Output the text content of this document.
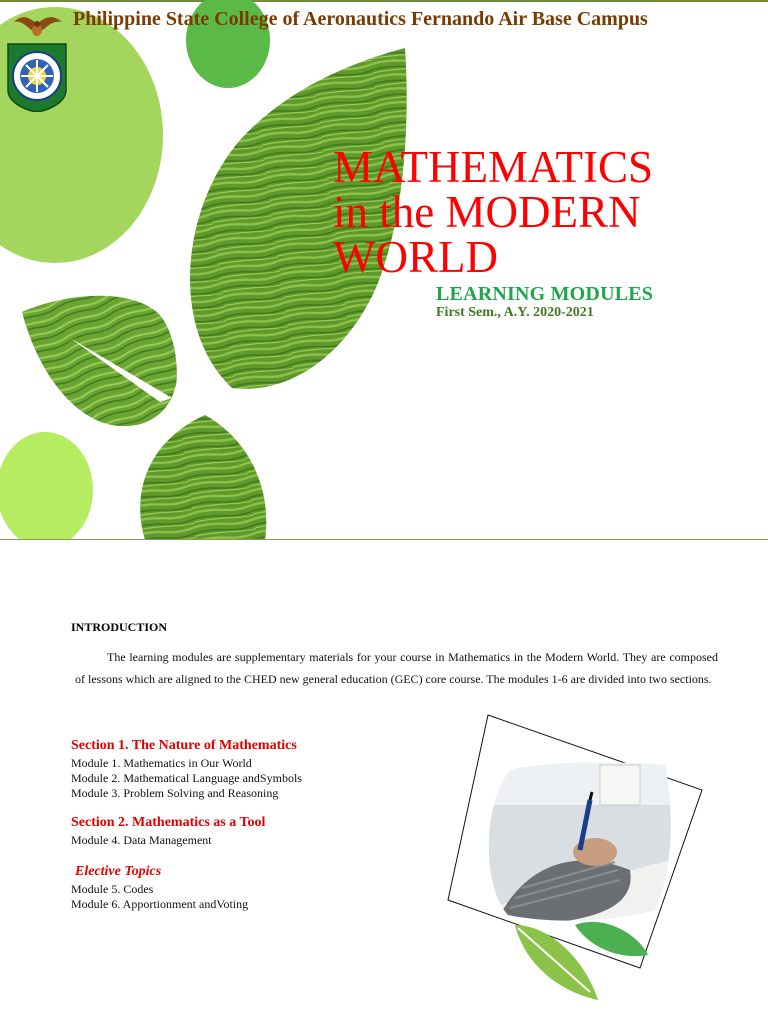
Philippine State College of Aeronautics Fernando Air Base Campus
MATHEMATICS
in the MODERN
WORLD
LEARNING MODULES
First Sem., A.Y. 2020-2021
INTRODUCTION
The learning modules are supplementary materials for your course in Mathematics in the Modern World. They are composed of lessons which are aligned to the CHED new general education (GEC) core course. The modules 1-6 are divided into two sections.
Section 1. The Nature of Mathematics
Module 1. Mathematics in Our World
Module 2. Mathematical Language andSymbols
Module 3. Problem Solving and Reasoning
Section 2. Mathematics as a Tool
Module 4. Data Management
Elective Topics
Module 5. Codes
Module 6. Apportionment andVoting
